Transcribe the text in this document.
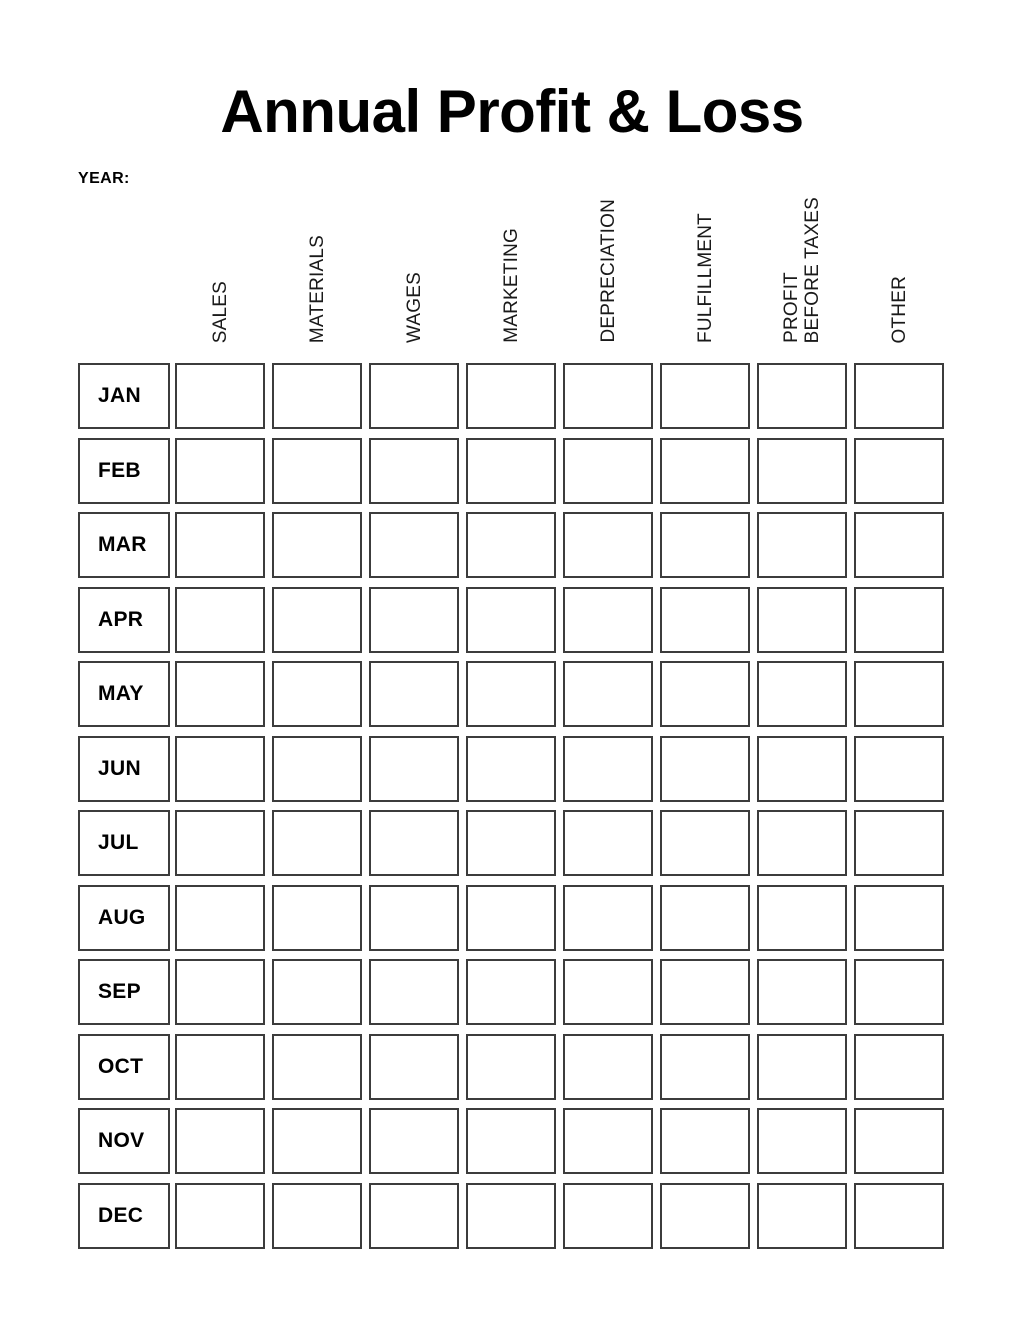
Annual Profit & Loss
YEAR:
SALES	MATERIALS	WAGES	MARKETING	DEPRECIATION	FULFILLMENT	PROFIT BEFORE TAXES	OTHER
JAN
FEB
MAR
APR
MAY
JUN
JUL
AUG
SEP
OCT
NOV
DEC
